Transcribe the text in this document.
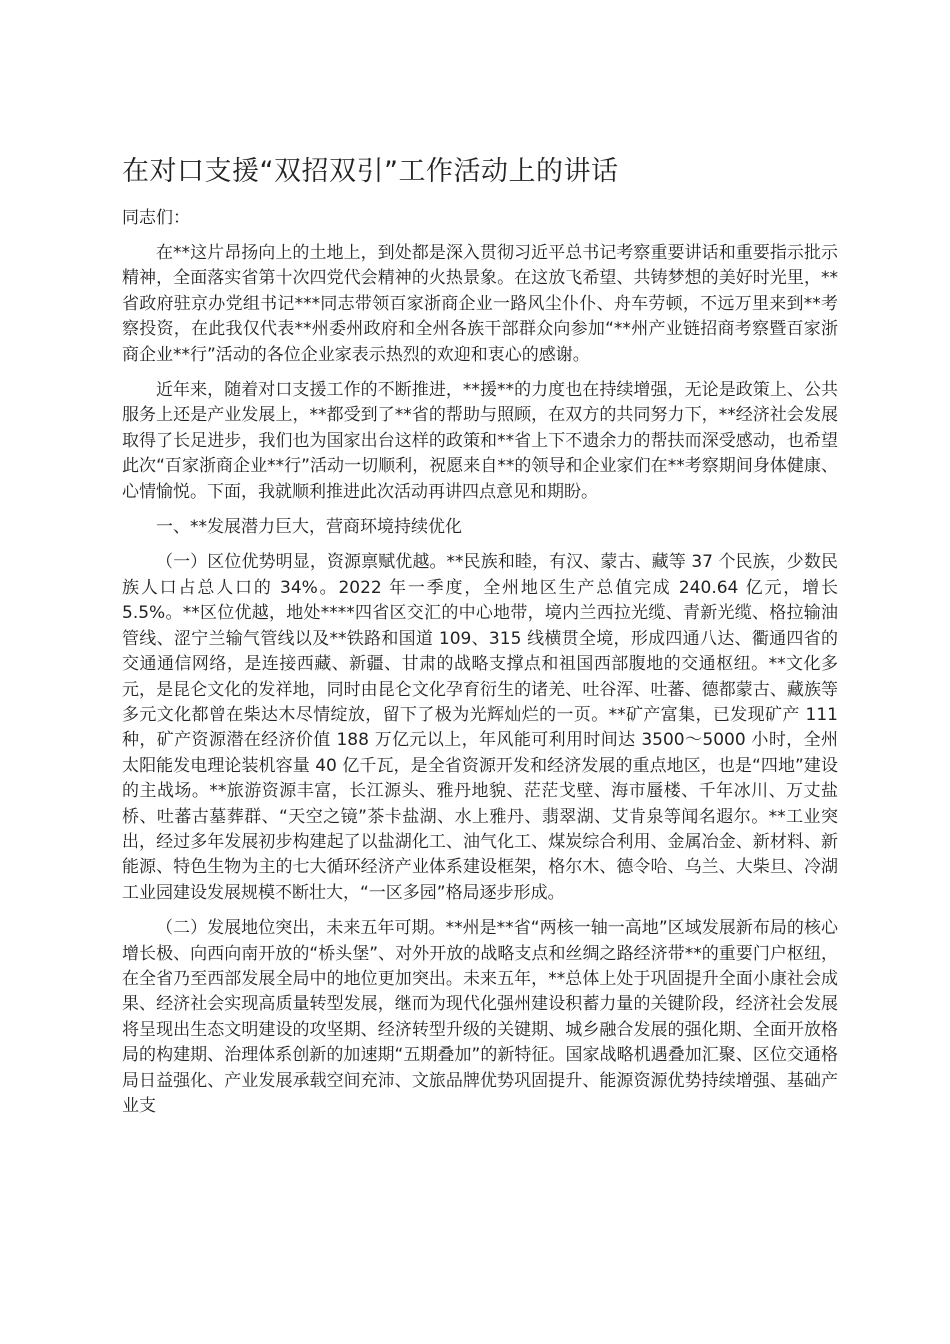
在对口支援“双招双引”工作活动上的讲话

同志们：

在**这片昂扬向上的土地上，到处都是深入贯彻习近平总书记考察重要讲话和重要指示批示精神，全面落实省第十次四党代会精神的火热景象。在这放飞希望、共铸梦想的美好时光里，**省政府驻京办党组书记***同志带领百家浙商企业一路风尘仆仆、舟车劳顿，不远万里来到**考察投资，在此我仅代表**州委州政府和全州各族干部群众向参加“**州产业链招商考察暨百家浙商企业**行”活动的各位企业家表示热烈的欢迎和衷心的感谢。

近年来，随着对口支援工作的不断推进，**援**的力度也在持续增强，无论是政策上、公共服务上还是产业发展上，**都受到了**省的帮助与照顾，在双方的共同努力下，**经济社会发展取得了长足进步，我们也为国家出台这样的政策和**省上下不遗余力的帮扶而深受感动，也希望此次“百家浙商企业**行”活动一切顺利，祝愿来自**的领导和企业家们在**考察期间身体健康、心情愉悦。下面，我就顺利推进此次活动再讲四点意见和期盼。

一、**发展潜力巨大，营商环境持续优化

（一）区位优势明显，资源禀赋优越。**民族和睦，有汉、蒙古、藏等 37 个民族，少数民族人口占总人口的 34%。2022 年一季度，全州地区生产总值完成 240.64 亿元，增长 5.5%。**区位优越，地处****四省区交汇的中心地带，境内兰西拉光缆、青新光缆、格拉输油管线、涩宁兰输气管线以及**铁路和国道 109、315 线横贯全境，形成四通八达、衢通四省的交通通信网络，是连接西藏、新疆、甘肃的战略支撑点和祖国西部腹地的交通枢纽。**文化多元，是昆仑文化的发祥地，同时由昆仑文化孕育衍生的诸羌、吐谷浑、吐蕃、德都蒙古、藏族等多元文化都曾在柴达木尽情绽放，留下了极为光辉灿烂的一页。**矿产富集，已发现矿产 111 种，矿产资源潜在经济价值 188 万亿元以上，年风能可利用时间达 3500～5000 小时，全州太阳能发电理论装机容量 40 亿千瓦，是全省资源开发和经济发展的重点地区，也是“四地”建设的主战场。**旅游资源丰富，长江源头、雅丹地貌、茫茫戈壁、海市蜃楼、千年冰川、万丈盐桥、吐蕃古墓葬群、“天空之镜”茶卡盐湖、水上雅丹、翡翠湖、艾肯泉等闻名遐尔。**工业突出，经过多年发展初步构建起了以盐湖化工、油气化工、煤炭综合利用、金属冶金、新材料、新能源、特色生物为主的七大循环经济产业体系建设框架，格尔木、德令哈、乌兰、大柴旦、冷湖工业园建设发展规模不断壮大，“一区多园”格局逐步形成。

（二）发展地位突出，未来五年可期。**州是**省“两核一轴一高地”区域发展新布局的核心增长极、向西向南开放的“桥头堡”、对外开放的战略支点和丝绸之路经济带**的重要门户枢纽，在全省乃至西部发展全局中的地位更加突出。未来五年，**总体上处于巩固提升全面小康社会成果、经济社会实现高质量转型发展，继而为现代化强州建设积蓄力量的关键阶段，经济社会发展将呈现出生态文明建设的攻坚期、经济转型升级的关键期、城乡融合发展的强化期、全面开放格局的构建期、治理体系创新的加速期“五期叠加”的新特征。国家战略机遇叠加汇聚、区位交通格局日益强化、产业发展承载空间充沛、文旅品牌优势巩固提升、能源资源优势持续增强、基础产业支
